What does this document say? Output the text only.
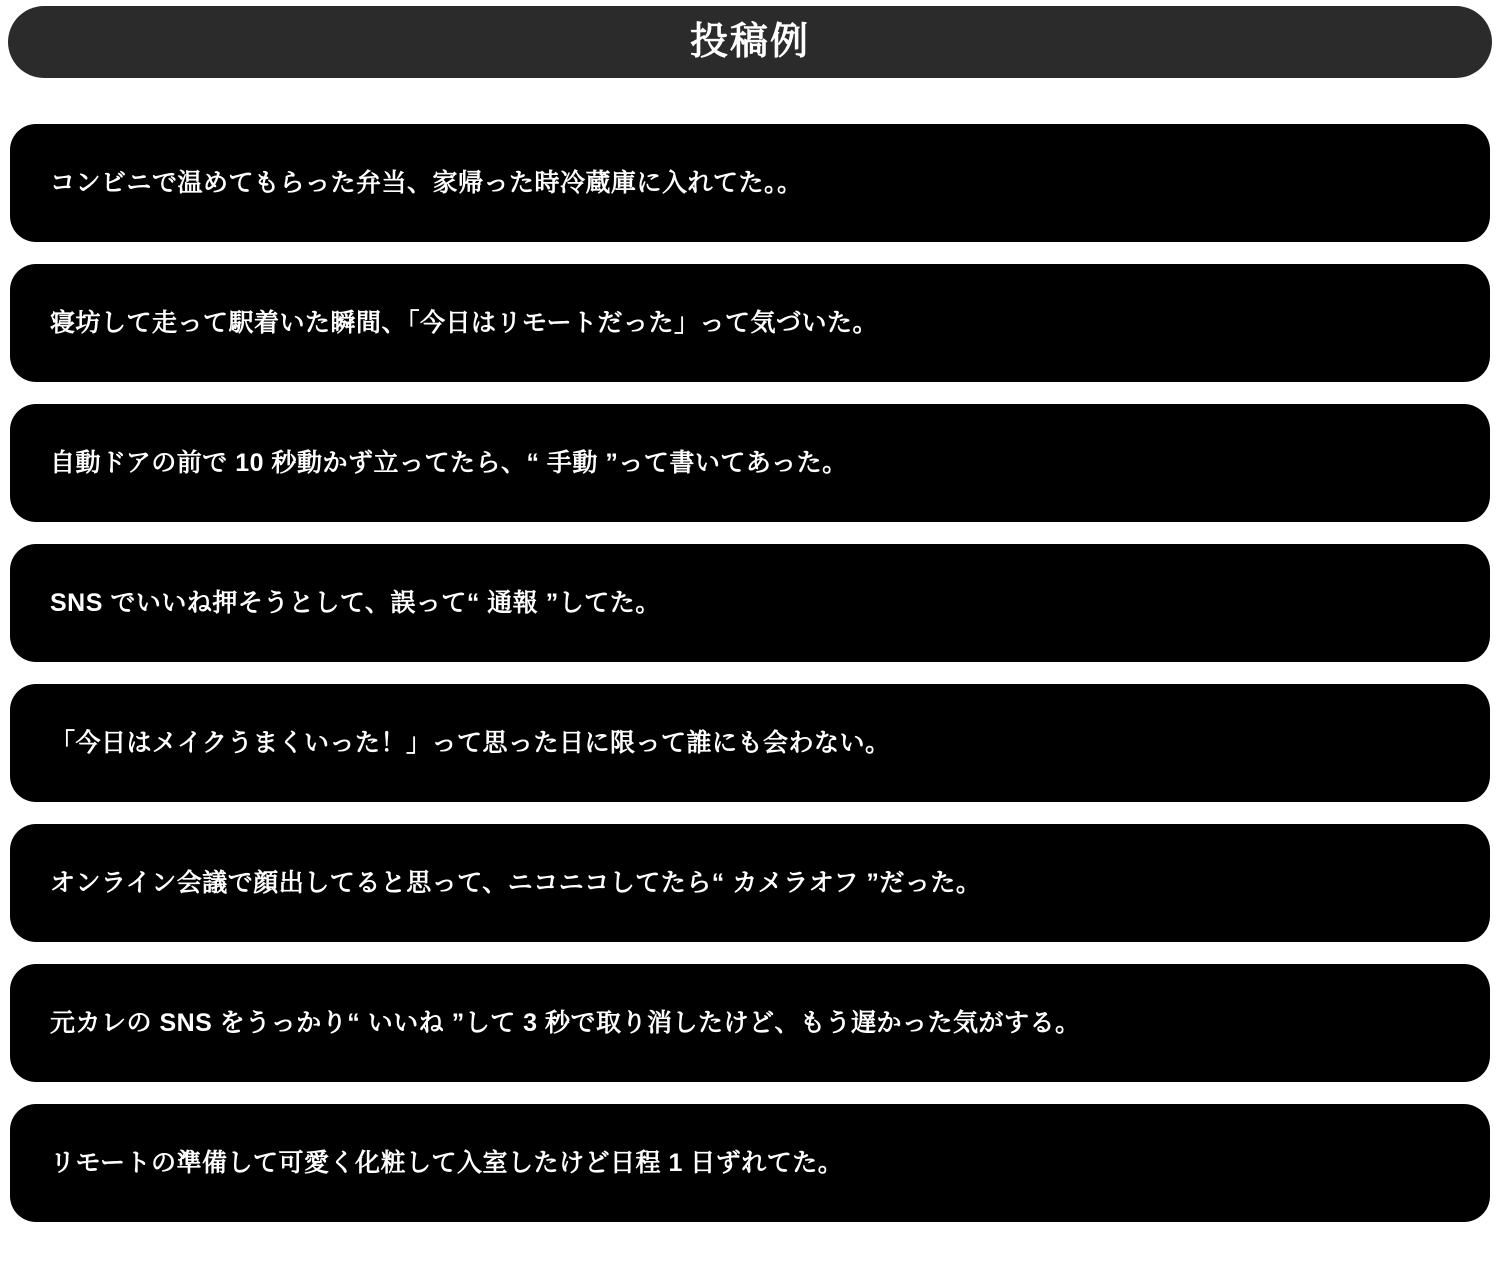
投稿例
コンビニで温めてもらった弁当、家帰った時冷蔵庫に入れてた。。
寝坊して走って駅着いた瞬間、「今日はリモートだった」って気づいた。
自動ドアの前で 10 秒動かず立ってたら、“ 手動 ”って書いてあった。
SNS でいいね押そうとして、誤って“ 通報 ”してた。
「今日はメイクうまくいった！」って思った日に限って誰にも会わない。
オンライン会議で顔出してると思って、ニコニコしてたら“ カメラオフ ”だった。
元カレの SNS をうっかり“ いいね ”して 3 秒で取り消したけど、もう遅かった気がする。
リモートの準備して可愛く化粧して入室したけど日程 1 日ずれてた。
